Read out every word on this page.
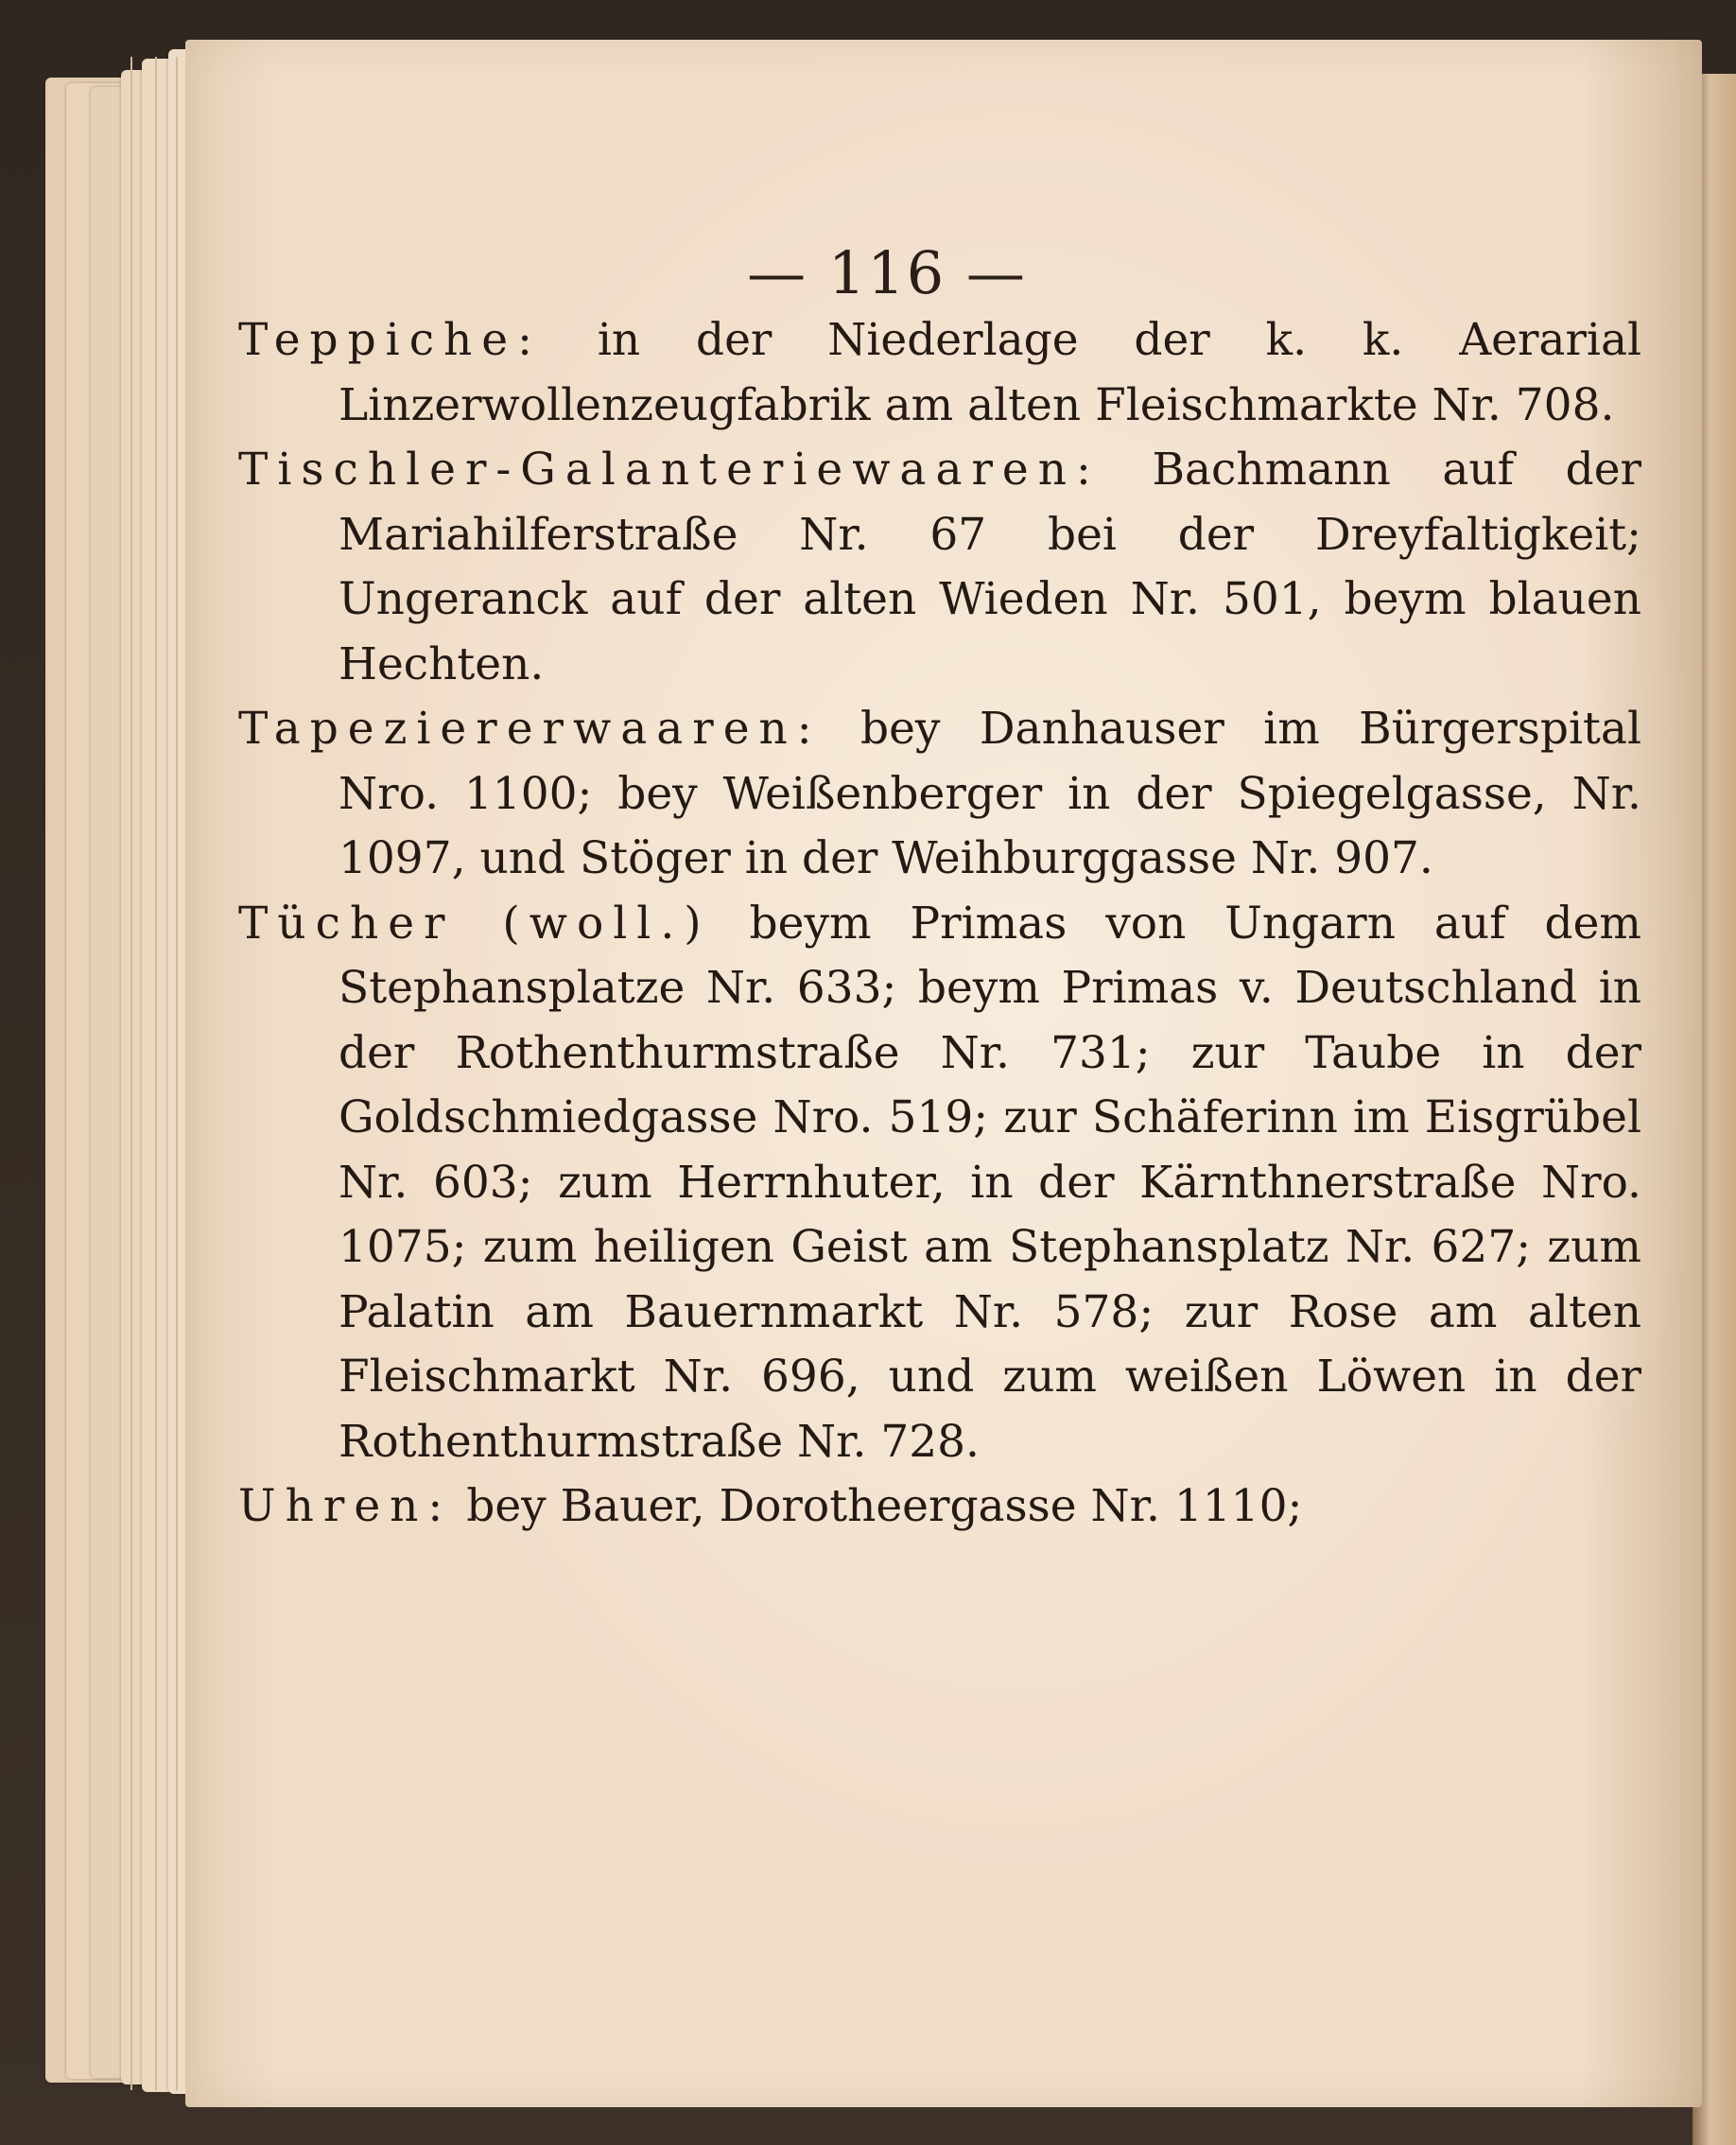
— 116 —

Teppiche: in der Niederlage der k. k. Aerarial Linzerwollenzeugfabrik am alten Fleischmarkte Nr. 708.

Tischler-Galanteriewaaren: Bachmann auf der Mariahilferstraße Nr. 67 bei der Dreyfaltigkeit; Ungeranck auf der alten Wieden Nr. 501, beym blauen Hechten.

Tapeziererwaaren: bey Danhauser im Bürgerspital Nro. 1100; bey Weißenberger in der Spiegelgasse, Nr. 1097, und Stöger in der Weihburggasse Nr. 907.

Tücher (woll.) beym Primas von Ungarn auf dem Stephansplatze Nr. 633; beym Primas v. Deutschland in der Rothenthurmstraße Nr. 731; zur Taube in der Goldschmiedgasse Nro. 519; zur Schäferinn im Eisgrübel Nr. 603; zum Herrnhuter, in der Kärnthnerstraße Nro. 1075; zum heiligen Geist am Stephansplatz Nr. 627; zum Palatin am Bauernmarkt Nr. 578; zur Rose am alten Fleischmarkt Nr. 696, und zum weißen Löwen in der Rothenthurmstraße Nr. 728.

Uhren: bey Bauer, Dorotheergasse Nr. 1110;
